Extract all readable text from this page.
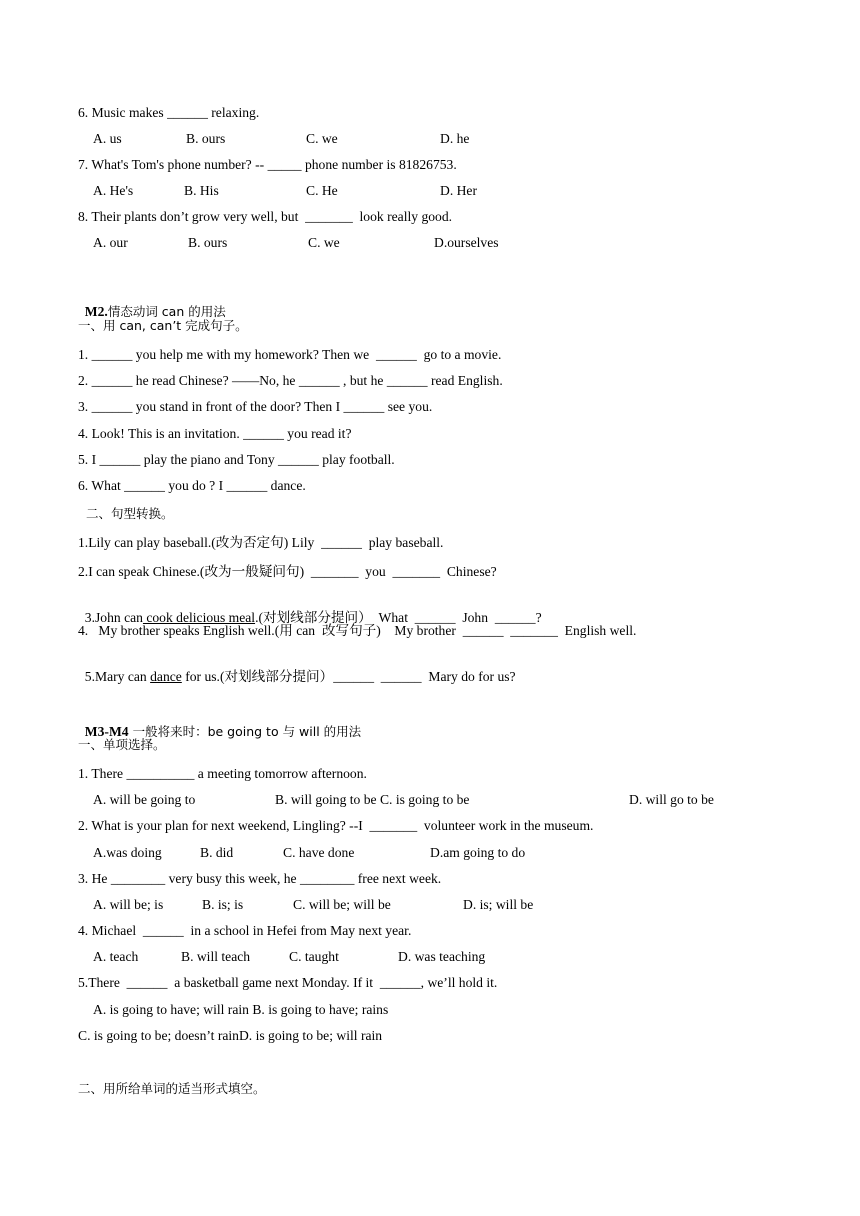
6. Music makes ______ relaxing.
A. us	B. ours	C. we	D. he
7. What's Tom's phone number? -- _____ phone number is 81826753.
A. He's	B. His	C. He	D. Her
8. Their plants don’t grow very well, but  _______  look really good.
A. our	B. ours	C. we	D.ourselves

M2.情态动词 can 的用法

一、用 can, can’t 完成句子。
1. ______ you help me with my homework? Then we  ______  go to a movie.
2. ______ he read Chinese? ——No, he ______ , but he ______ read English.
3. ______ you stand in front of the door? Then I ______ see you.
4. Look! This is an invitation. ______ you read it?
5. I ______ play the piano and Tony ______ play football.
6. What ______ you do ? I ______ dance.
二、句型转换。
1.Lily can play baseball.(改为否定句) Lily  ______  play baseball.
2.I can speak Chinese.(改为一般疑问句)  _______  you  _______  Chinese?

3.John can cook delicious meal.(对划线部分提问）  What  ______  John  ______?

4.   My brother speaks English well.(用 can  改写句子)    My brother  ______  _______  English well.

5.Mary can dance for us.(对划线部分提问）______  ______  Mary do for us?

M3-M4 一般将来时：be going to 与 will 的用法

一、单项选择。
1. There __________ a meeting tomorrow afternoon.
A. will be going to	B. will going to be C. is going to be	D. will go to be
2. What is your plan for next weekend, Lingling? --I  _______  volunteer work in the museum.
A.was doing	B. did	C. have done	D.am going to do
3. He ________ very busy this week, he ________ free next week.
A. will be; is	B. is; is	C. will be; will be	D. is; will be
4. Michael  ______  in a school in Hefei from May next year.
A. teach	B. will teach	C. taught	D. was teaching
5.There  ______  a basketball game next Monday. If it  ______, we’ll hold it.
A. is going to have; will rain B. is going to have; rains
C. is going to be; doesn’t rainD. is going to be; will rain
二、用所给单词的适当形式填空。
